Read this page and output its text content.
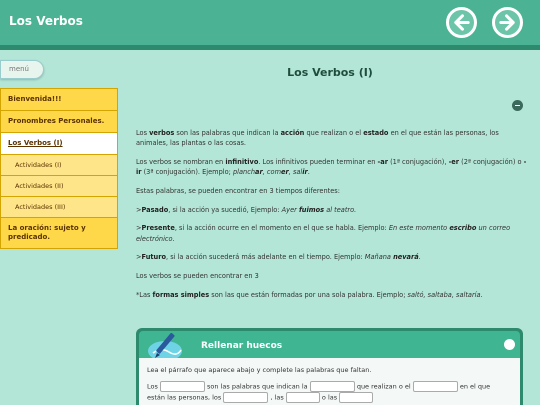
Los Verbos
menú
Bienvenida!!!
Pronombres Personales.
Los Verbos (I)
Actividades (I)
Actividades (II)
Actividades (III)
La oración: sujeto y predicado.
Los Verbos (I)

Los verbos son las palabras que indican la acción que realizan o el estado en el que están las personas, los animales, las plantas o las cosas.

Los verbos se nombran en infinitivo. Los infinitivos pueden terminar en -ar (1ª conjugación), -er (2ª conjugación) o -ir (3ª conjugación). Ejemplo; planchar, comer, salir.

Estas palabras, se pueden encontrar en 3 tiempos diferentes:

>Pasado, si la acción ya sucedió, Ejemplo: Ayer fuimos al teatro.

>Presente, si la acción ocurre en el momento en el que se habla. Ejemplo: En este momento escribo un correo electrónico.

>Futuro, si la acción sucederá más adelante en el tiempo. Ejemplo: Mañana nevará.

Los verbos se pueden encontrar en 3

*Las formas simples son las que están formadas por una sola palabra. Ejemplo; saltó, saltaba, saltaría.

Rellenar huecos
Lea el párrafo que aparece abajo y complete las palabras que faltan.
Los	son las palabras que indican la	que realizan o el	en el que
están las personas, los	, las	o las
